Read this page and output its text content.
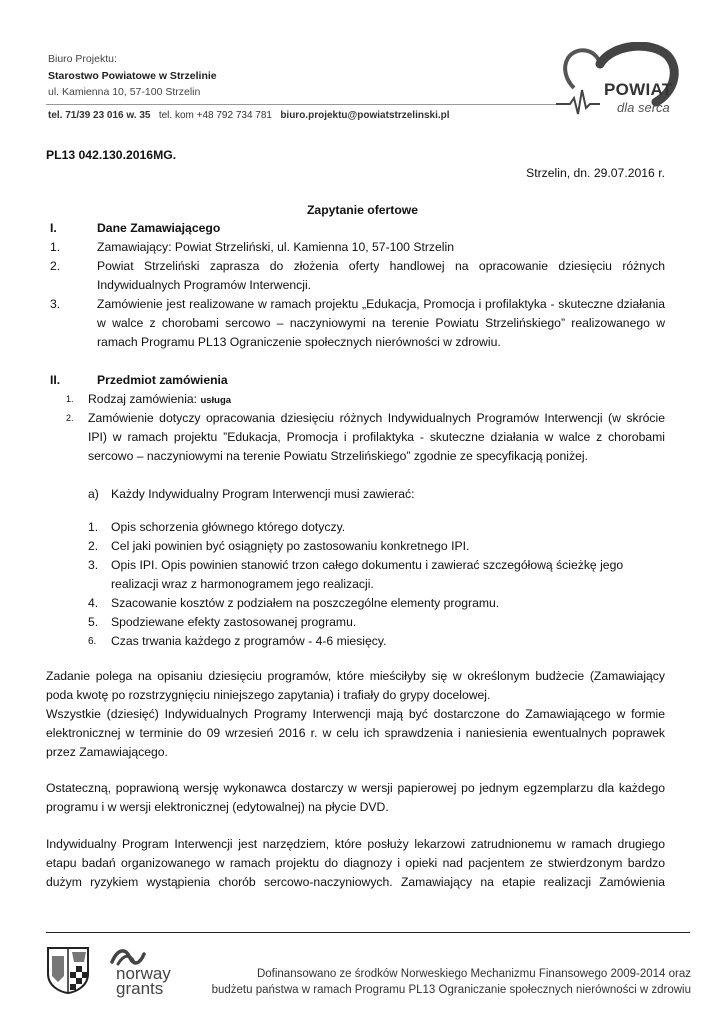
Biuro Projektu:
Starostwo Powiatowe w Strzelinie
ul. Kamienna 10, 57-100 Strzelin
tel. 71/39 23 016 w. 35 tel. kom +48 792 734 781 biuro.projektu@powiatstrzelinski.pl
POWIAT
dla serca
PL13 042.130.2016MG.
Strzelin, dn. 29.07.2016 r.
Zapytanie ofertowe
I.	Dane Zamawiającego
1.	Zamawiający: Powiat Strzeliński, ul. Kamienna 10, 57-100 Strzelin
2.	Powiat Strzeliński zaprasza do złożenia oferty handlowej na opracowanie dziesięciu różnych
Indywidualnych Programów Interwencji.
3.	Zamówienie jest realizowane w ramach projektu „Edukacja, Promocja i profilaktyka - skuteczne działania
w walce z chorobami sercowo – naczyniowymi na terenie Powiatu Strzelińskiego” realizowanego w
ramach Programu PL13 Ograniczenie społecznych nierówności w zdrowiu.
II.	Przedmiot zamówienia
1.	Rodzaj zamówienia: usługa
2.	Zamówienie dotyczy opracowania dziesięciu różnych Indywidualnych Programów Interwencji (w skrócie
IPI) w ramach projektu ”Edukacja, Promocja i profilaktyka - skuteczne działania w walce z chorobami
sercowo – naczyniowymi na terenie Powiatu Strzelińskiego” zgodnie ze specyfikacją poniżej.
a) Każdy Indywidualny Program Interwencji musi zawierać:
1. Opis schorzenia głównego którego dotyczy.
2. Cel jaki powinien być osiągnięty po zastosowaniu konkretnego IPI.
3. Opis IPI. Opis powinien stanowić trzon całego dokumentu i zawierać szczegółową ścieżkę jego
realizacji wraz z harmonogramem jego realizacji.
4. Szacowanie kosztów z podziałem na poszczególne elementy programu.
5. Spodziewane efekty zastosowanej programu.
6. Czas trwania każdego z programów - 4-6 miesięcy.
Zadanie polega na opisaniu dziesięciu programów, które mieściłyby się w określonym budżecie (Zamawiający
poda kwotę po rozstrzygnięciu niniejszego zapytania) i trafiały do grypy docelowej.
Wszystkie (dziesięć) Indywidualnych Programy Interwencji mają być dostarczone do Zamawiającego w formie
elektronicznej w terminie do 09 wrzesień 2016 r. w celu ich sprawdzenia i naniesienia ewentualnych poprawek
przez Zamawiającego.
Ostateczną, poprawioną wersję wykonawca dostarczy w wersji papierowej po jednym egzemplarzu dla każdego
programu i w wersji elektronicznej (edytowalnej) na płycie DVD.
Indywidualny Program Interwencji jest narzędziem, które posłuży lekarzowi zatrudnionemu w ramach drugiego
etapu badań organizowanego w ramach projektu do diagnozy i opieki nad pacjentem ze stwierdzonym bardzo
dużym ryzykiem wystąpienia chorób sercowo-naczyniowych. Zamawiający na etapie realizacji Zamówienia
norway
grants
Dofinansowano ze środków Norweskiego Mechanizmu Finansowego 2009-2014 oraz
budżetu państwa w ramach Programu PL13 Ograniczanie społecznych nierówności w zdrowiu
